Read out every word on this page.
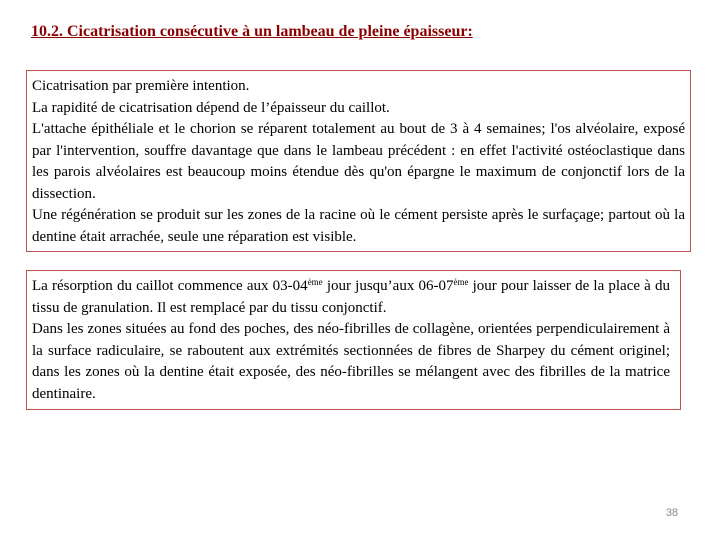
10.2. Cicatrisation consécutive à un lambeau de pleine épaisseur:
Cicatrisation par première intention.
La rapidité de cicatrisation dépend de l’épaisseur du caillot.
L'attache épithéliale et le chorion se réparent totalement au bout de 3 à 4 semaines; l'os alvéolaire, exposé par l'intervention, souffre davantage que dans le lambeau précédent : en effet l'activité ostéoclastique dans les parois alvéolaires est beaucoup moins étendue dès qu'on épargne le maximum de conjonctif lors de la dissection.
Une régénération se produit sur les zones de la racine où le cément persiste après le surfaçage; partout où la dentine était arrachée, seule une réparation est visible.
La résorption du caillot commence aux 03-04ème jour jusqu’aux 06-07ème jour pour laisser de la place à du tissu de granulation. Il est remplacé par du tissu conjonctif.
Dans les zones situées au fond des poches, des néo-fibrilles de collagène, orientées perpendiculairement à la surface radiculaire, se raboutent aux extrémités sectionnées de fibres de Sharpey du cément originel; dans les zones où la dentine était exposée, des néo-fibrilles se mélangent avec des fibrilles de la matrice dentinaire.
38
